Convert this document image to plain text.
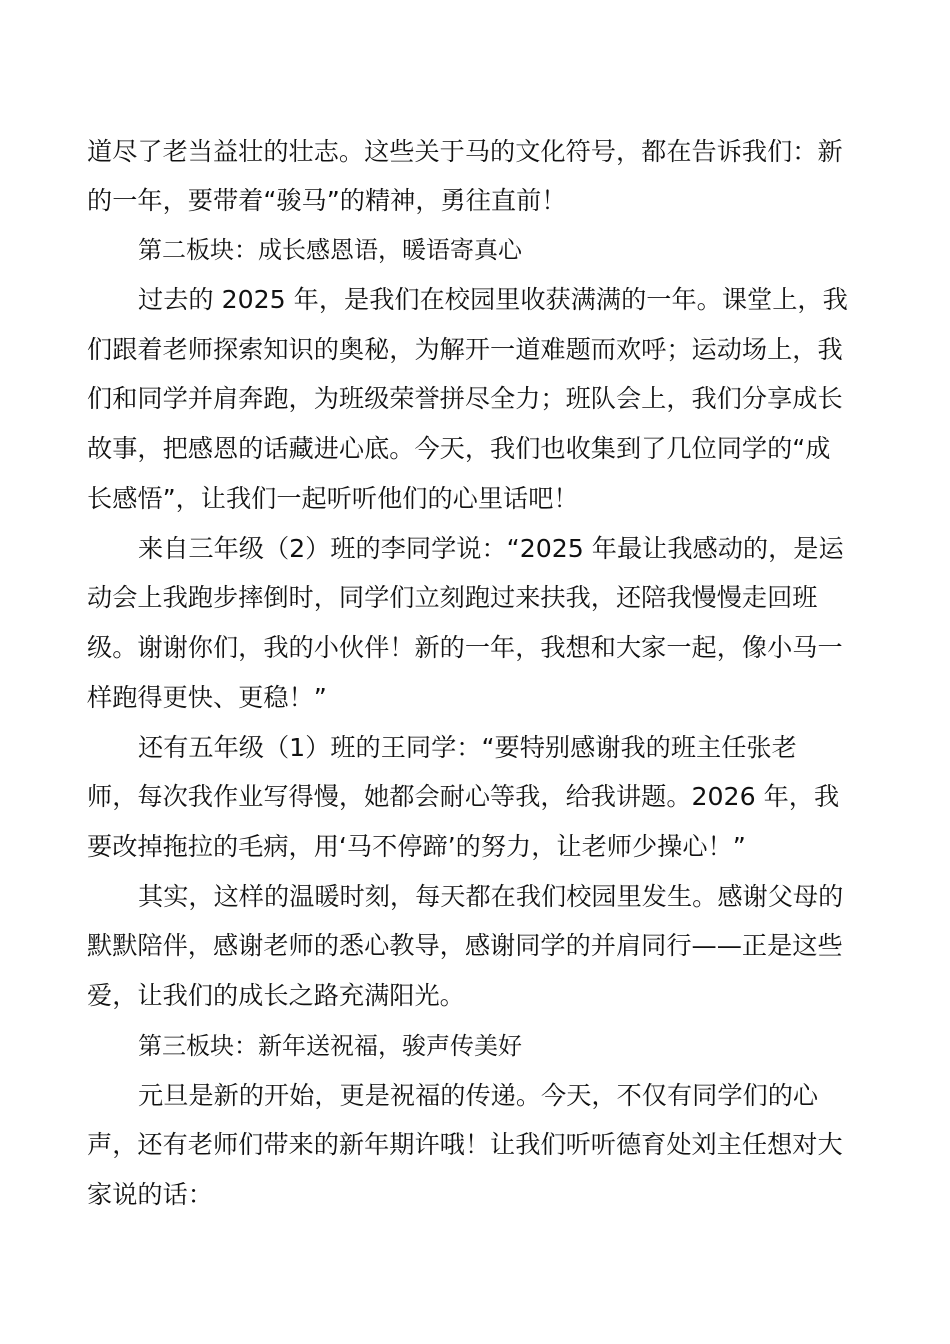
道尽了老当益壮的壮志。这些关于马的文化符号，都在告诉我们：新
的一年，要带着“骏马”的精神，勇往直前！
第二板块：成长感恩语，暖语寄真心
过去的 2025 年，是我们在校园里收获满满的一年。课堂上，我
们跟着老师探索知识的奥秘，为解开一道难题而欢呼；运动场上，我
们和同学并肩奔跑，为班级荣誉拼尽全力；班队会上，我们分享成长
故事，把感恩的话藏进心底。今天，我们也收集到了几位同学的“成
长感悟”，让我们一起听听他们的心里话吧！
来自三年级（2）班的李同学说：“2025 年最让我感动的，是运
动会上我跑步摔倒时，同学们立刻跑过来扶我，还陪我慢慢走回班
级。谢谢你们，我的小伙伴！新的一年，我想和大家一起，像小马一
样跑得更快、更稳！”
还有五年级（1）班的王同学：“要特别感谢我的班主任张老
师，每次我作业写得慢，她都会耐心等我，给我讲题。2026 年，我
要改掉拖拉的毛病，用‘马不停蹄’的努力，让老师少操心！”
其实，这样的温暖时刻，每天都在我们校园里发生。感谢父母的
默默陪伴，感谢老师的悉心教导，感谢同学的并肩同行——正是这些
爱，让我们的成长之路充满阳光。
第三板块：新年送祝福，骏声传美好
元旦是新的开始，更是祝福的传递。今天，不仅有同学们的心
声，还有老师们带来的新年期许哦！让我们听听德育处刘主任想对大
家说的话：
